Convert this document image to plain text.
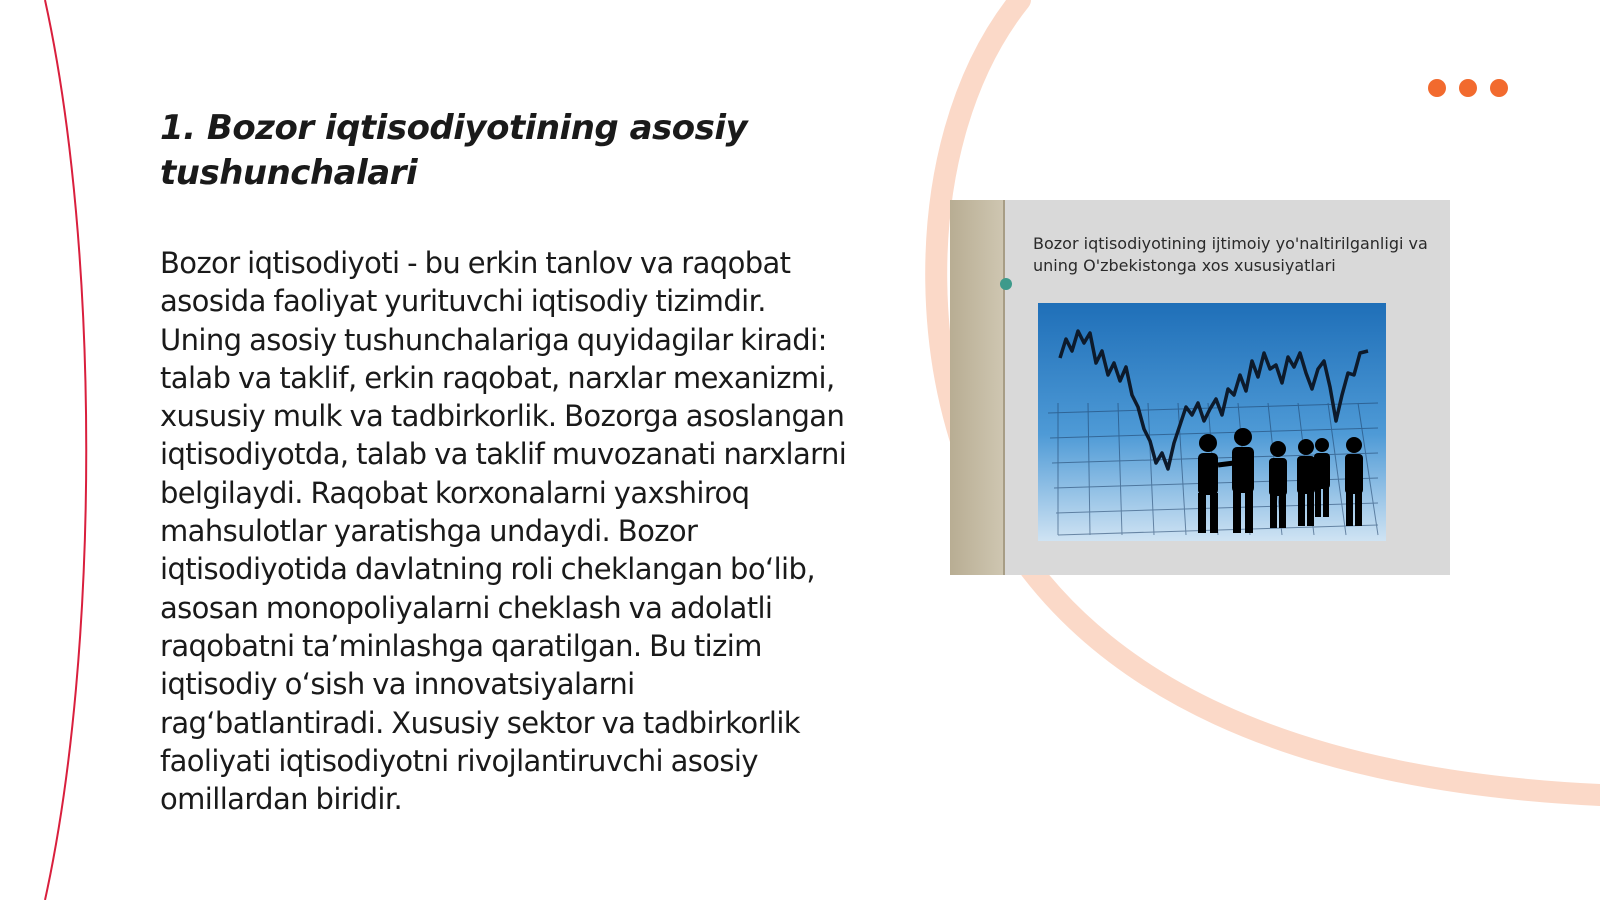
1. Bozor iqtisodiyotining asosiy tushunchalari

Bozor iqtisodiyoti - bu erkin tanlov va raqobat asosida faoliyat yurituvchi iqtisodiy tizimdir. Uning asosiy tushunchalariga quyidagilar kiradi: talab va taklif, erkin raqobat, narxlar mexanizmi, xususiy mulk va tadbirkorlik. Bozorga asoslangan iqtisodiyotda, talab va taklif muvozanati narxlarni belgilaydi. Raqobat korxonalarni yaxshiroq mahsulotlar yaratishga undaydi. Bozor iqtisodiyotida davlatning roli cheklangan bo‘lib, asosan monopoliyalarni cheklash va adolatli raqobatni ta’minlashga qaratilgan. Bu tizim iqtisodiy o‘sish va innovatsiyalarni rag‘batlantiradi. Xususiy sektor va tadbirkorlik faoliyati iqtisodiyotni rivojlantiruvchi asosiy omillardan biridir.

Bozor iqtisodiyotining ijtimoiy yo'naltirilganligi va uning O'zbekistonga xos xususiyatlari
